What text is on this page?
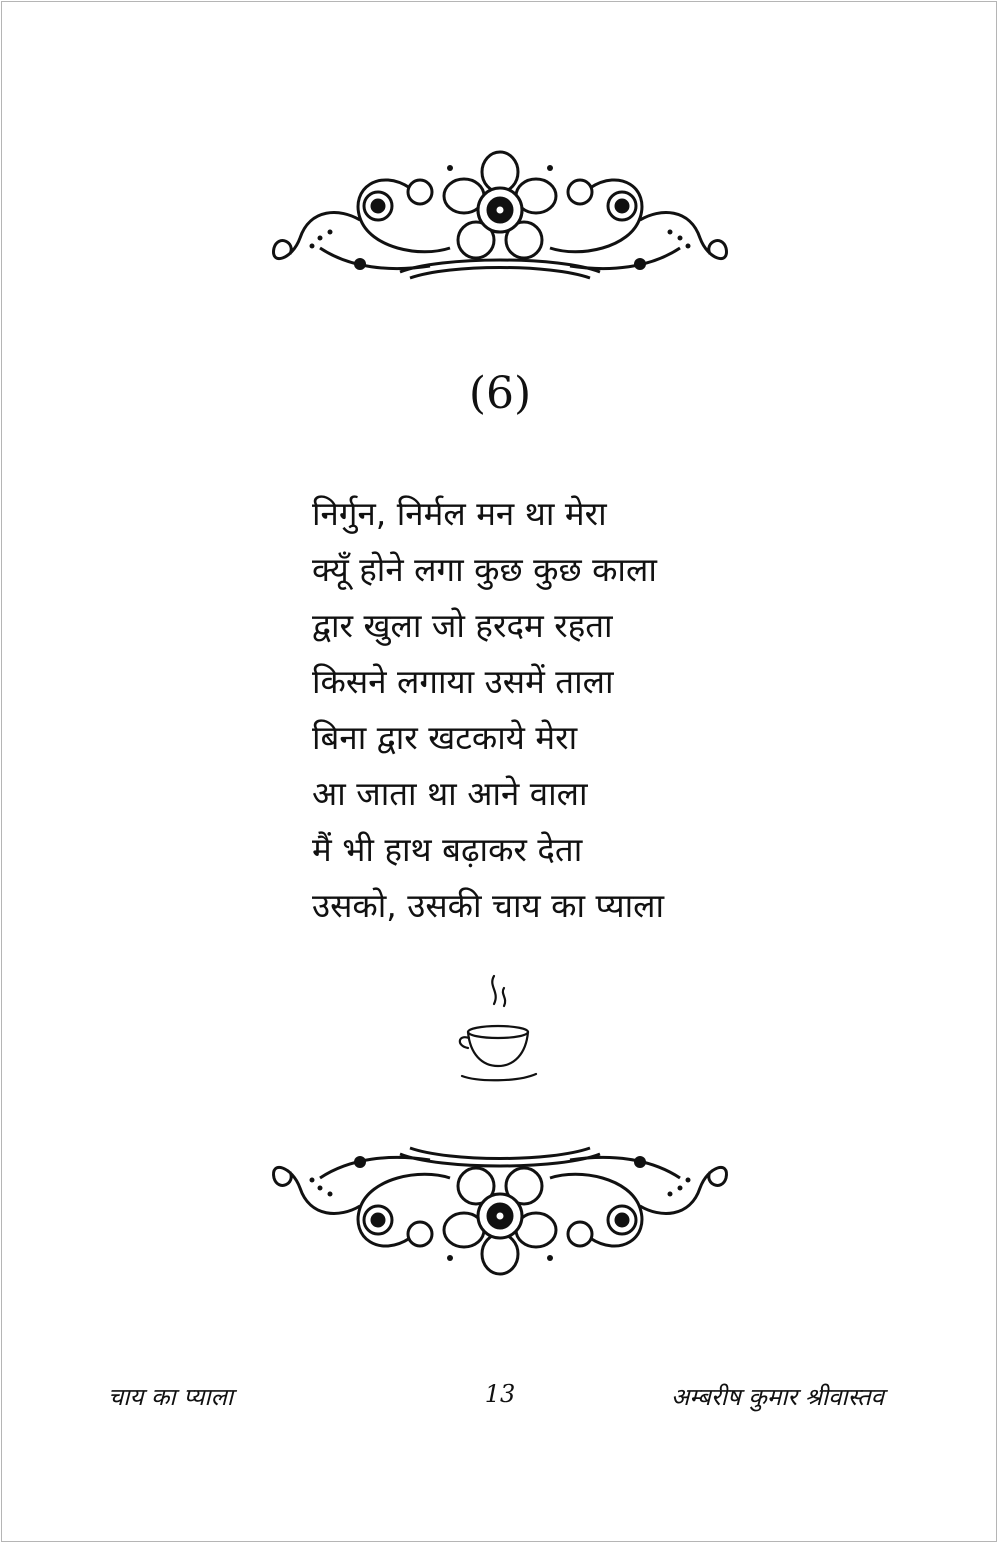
(6)
निर्गुन, निर्मल मन था मेरा
क्यूँ होने लगा कुछ कुछ काला
द्वार खुला जो हरदम रहता
किसने लगाया उसमें ताला
बिना द्वार खटकाये मेरा
आ जाता था आने वाला
मैं भी हाथ बढ़ाकर देता
उसको, उसकी चाय का प्याला
चाय का प्याला	13	अम्बरीष कुमार श्रीवास्तव
